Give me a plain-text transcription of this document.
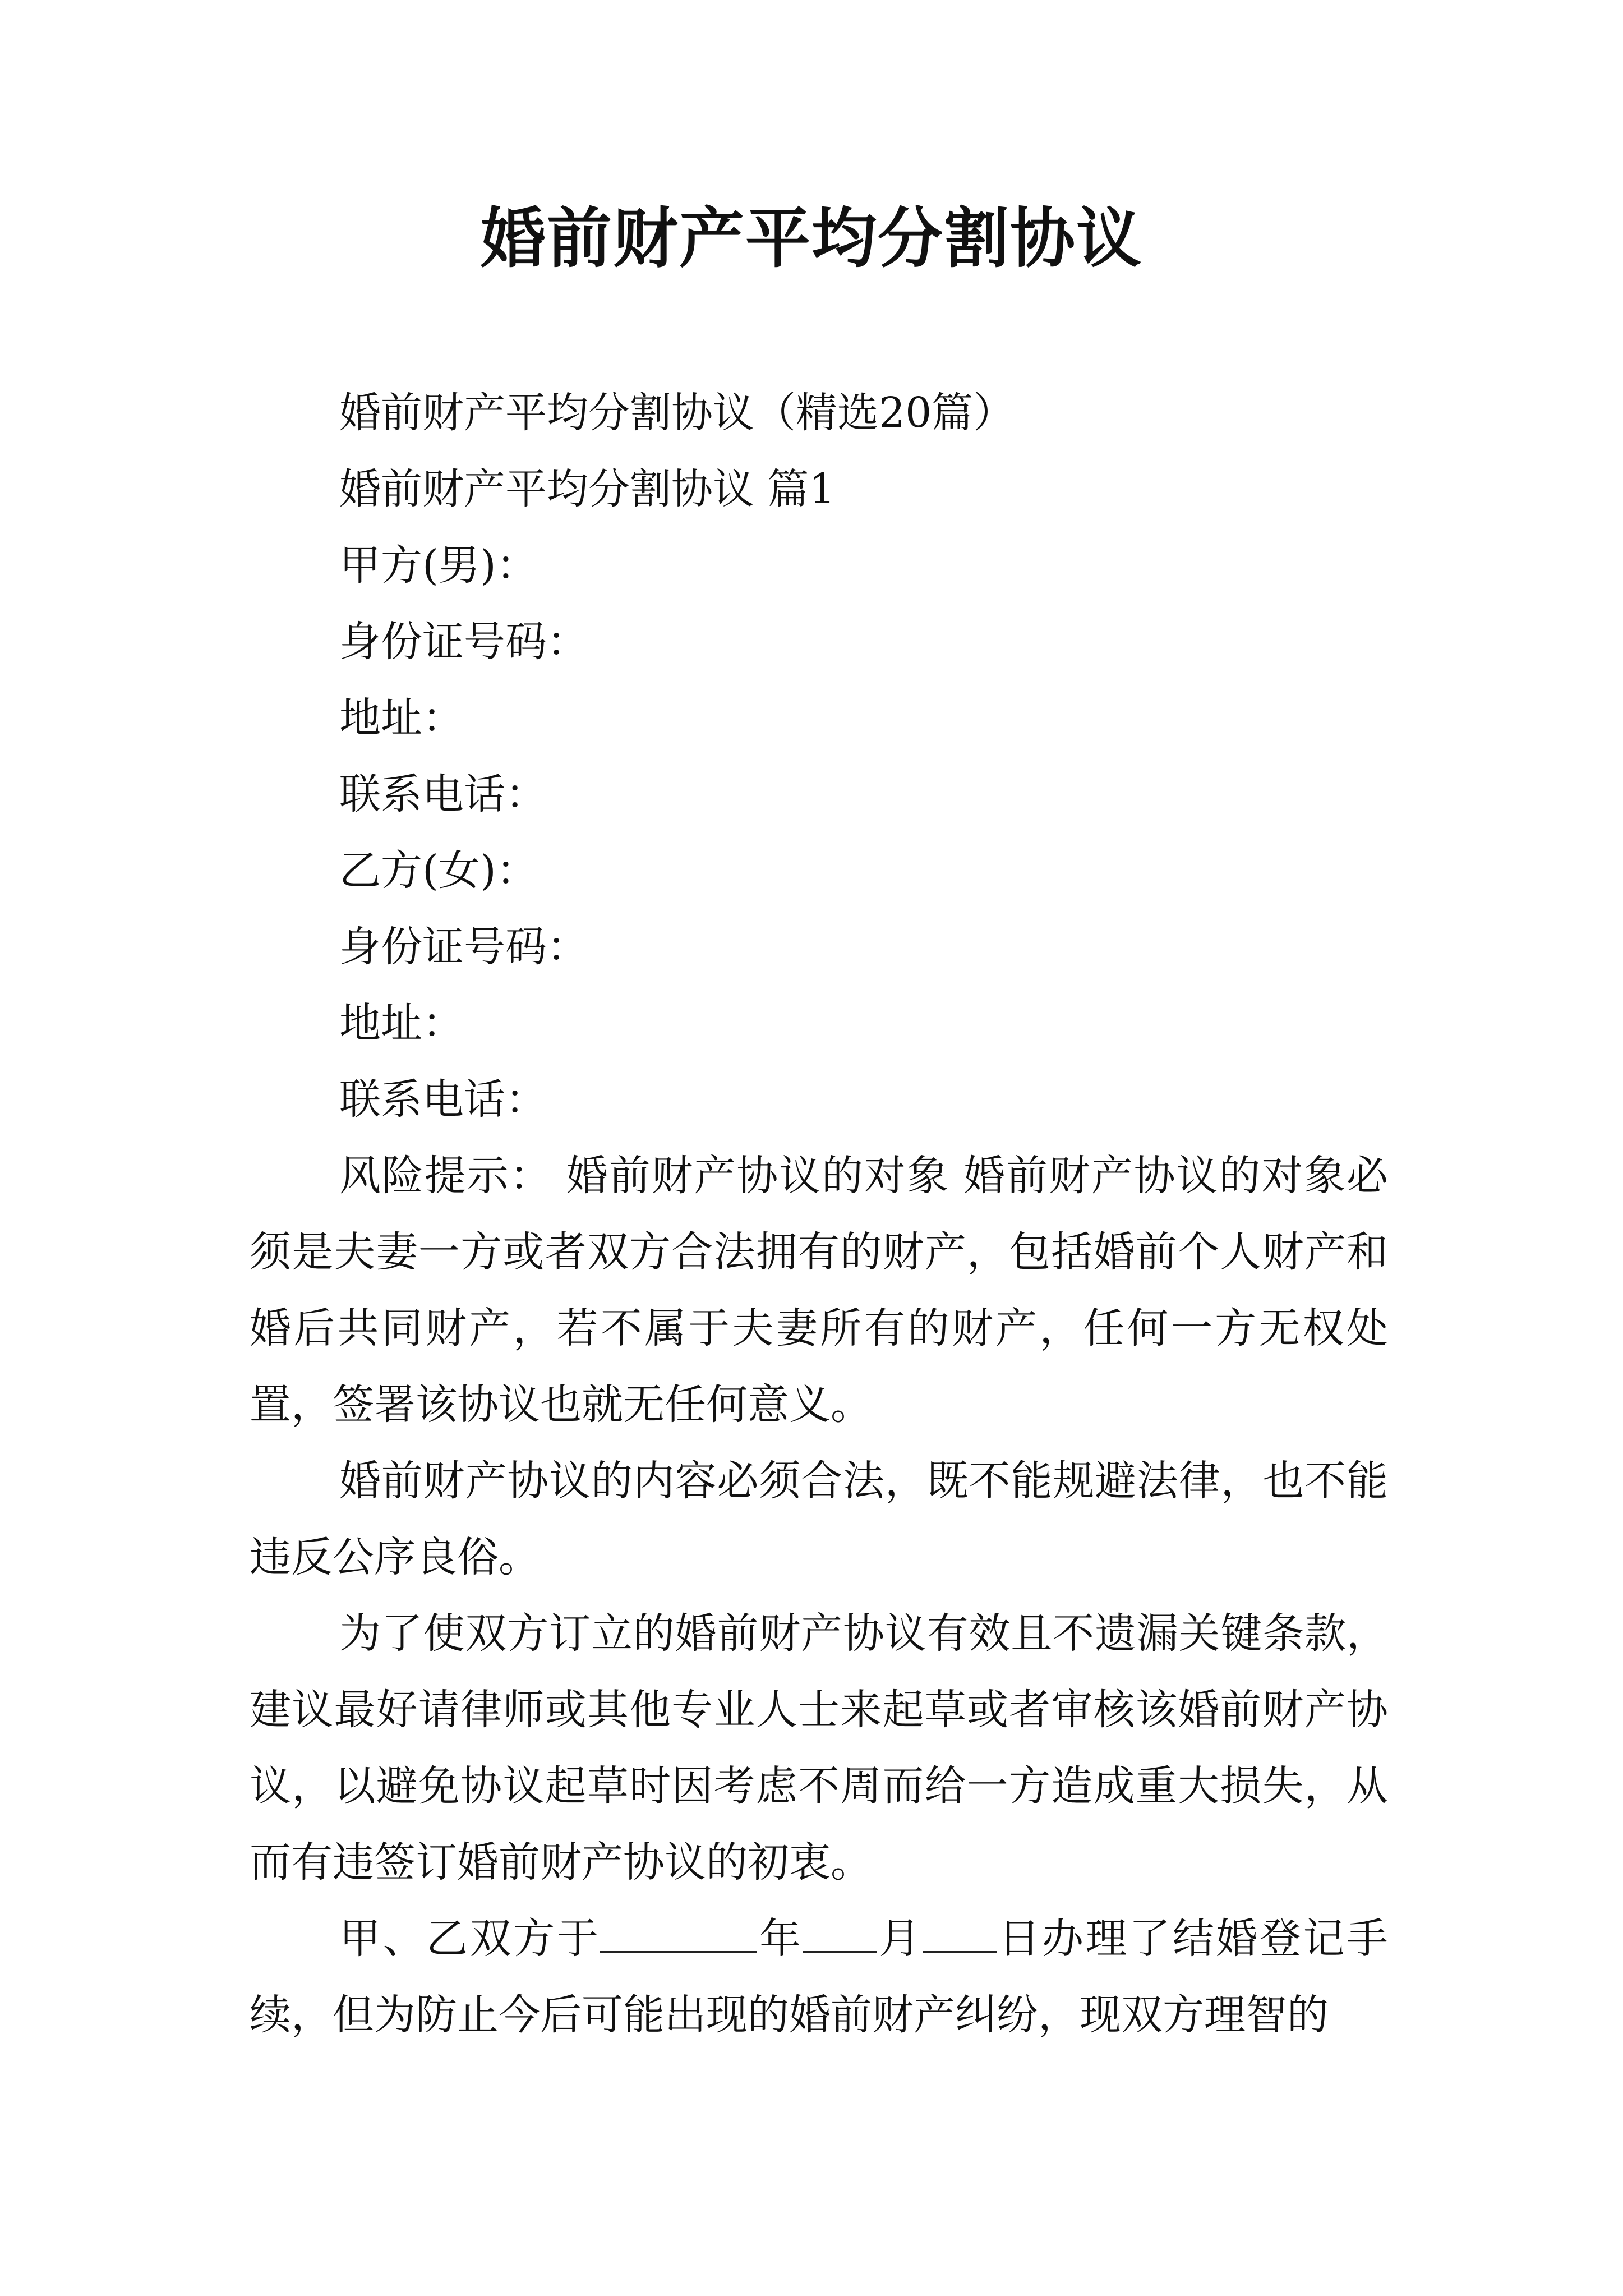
婚前财产平均分割协议

婚前财产平均分割协议（精选20篇）

婚前财产平均分割协议 篇1

甲方(男)：

身份证号码：

地址：

联系电话：

乙方(女)：

身份证号码：

地址：

联系电话：

风险提示： 婚前财产协议的对象 婚前财产协议的对象必须是夫妻一方或者双方合法拥有的财产，包括婚前个人财产和婚后共同财产，若不属于夫妻所有的财产，任何一方无权处置，签署该协议也就无任何意义。

婚前财产协议的内容必须合法，既不能规避法律，也不能违反公序良俗。

为了使双方订立的婚前财产协议有效且不遗漏关键条款，建议最好请律师或其他专业人士来起草或者审核该婚前财产协议，以避免协议起草时因考虑不周而给一方造成重大损失，从而有违签订婚前财产协议的初衷。

甲、乙双方于	年 月 日办理了结婚登记手续，但为防止今后可能出现的婚前财产纠纷，现双方理智的
